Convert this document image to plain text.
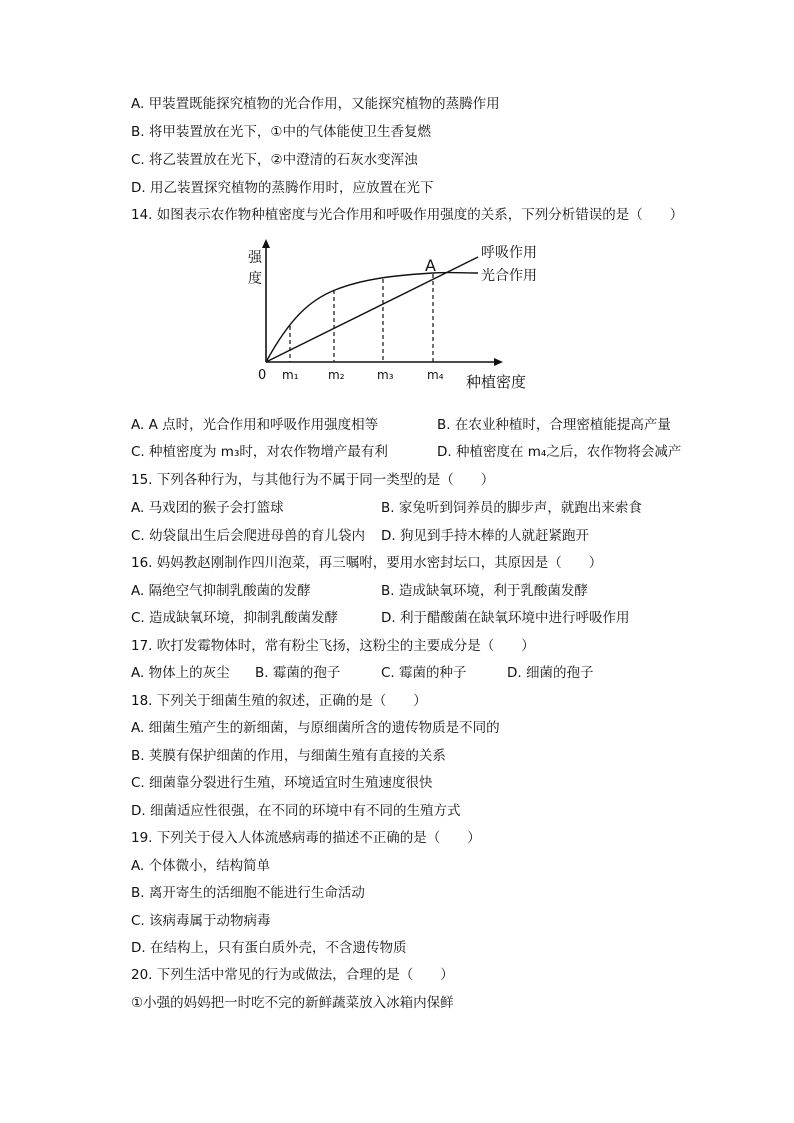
A. 甲装置既能探究植物的光合作用，又能探究植物的蒸腾作用
B. 将甲装置放在光下，①中的气体能使卫生香复燃
C. 将乙装置放在光下，②中澄清的石灰水变浑浊
D. 用乙装置探究植物的蒸腾作用时，应放置在光下
14. 如图表示农作物种植密度与光合作用和呼吸作用强度的关系，下列分析错误的是（　　）
强
度
种植密度
0 m₁ m₂	m₃	m₄
A
呼吸作用
光合作用
A. A 点时，光合作用和呼吸作用强度相等	B. 在农业种植时，合理密植能提高产量
C. 种植密度为 m₃时，对农作物增产最有利	D. 种植密度在 m₄之后，农作物将会减产
15. 下列各种行为，与其他行为不属于同一类型的是（　　）
A. 马戏团的猴子会打篮球	B. 家兔听到饲养员的脚步声，就跑出来索食
C. 幼袋鼠出生后会爬进母兽的育儿袋内 D. 狗见到手持木棒的人就赶紧跑开
16. 妈妈教赵刚制作四川泡菜，再三嘱咐，要用水密封坛口，其原因是（　　）
A. 隔绝空气抑制乳酸菌的发酵	B. 造成缺氧环境，利于乳酸菌发酵
C. 造成缺氧环境，抑制乳酸菌发酵	D. 利于醋酸菌在缺氧环境中进行呼吸作用
17. 吹打发霉物体时，常有粉尘飞扬，这粉尘的主要成分是（　　）
A. 物体上的灰尘 B. 霉菌的孢子	C. 霉菌的种子	D. 细菌的孢子
18. 下列关于细菌生殖的叙述，正确的是（　　）
A. 细菌生殖产生的新细菌，与原细菌所含的遗传物质是不同的
B. 荚膜有保护细菌的作用，与细菌生殖有直接的关系
C. 细菌靠分裂进行生殖，环境适宜时生殖速度很快
D. 细菌适应性很强，在不同的环境中有不同的生殖方式
19. 下列关于侵入人体流感病毒的描述不正确的是（　　）
A. 个体微小，结构简单
B. 离开寄生的活细胞不能进行生命活动
C. 该病毒属于动物病毒
D. 在结构上，只有蛋白质外壳，不含遗传物质
20. 下列生活中常见的行为或做法，合理的是（　　）
①小强的妈妈把一时吃不完的新鲜蔬菜放入冰箱内保鲜
